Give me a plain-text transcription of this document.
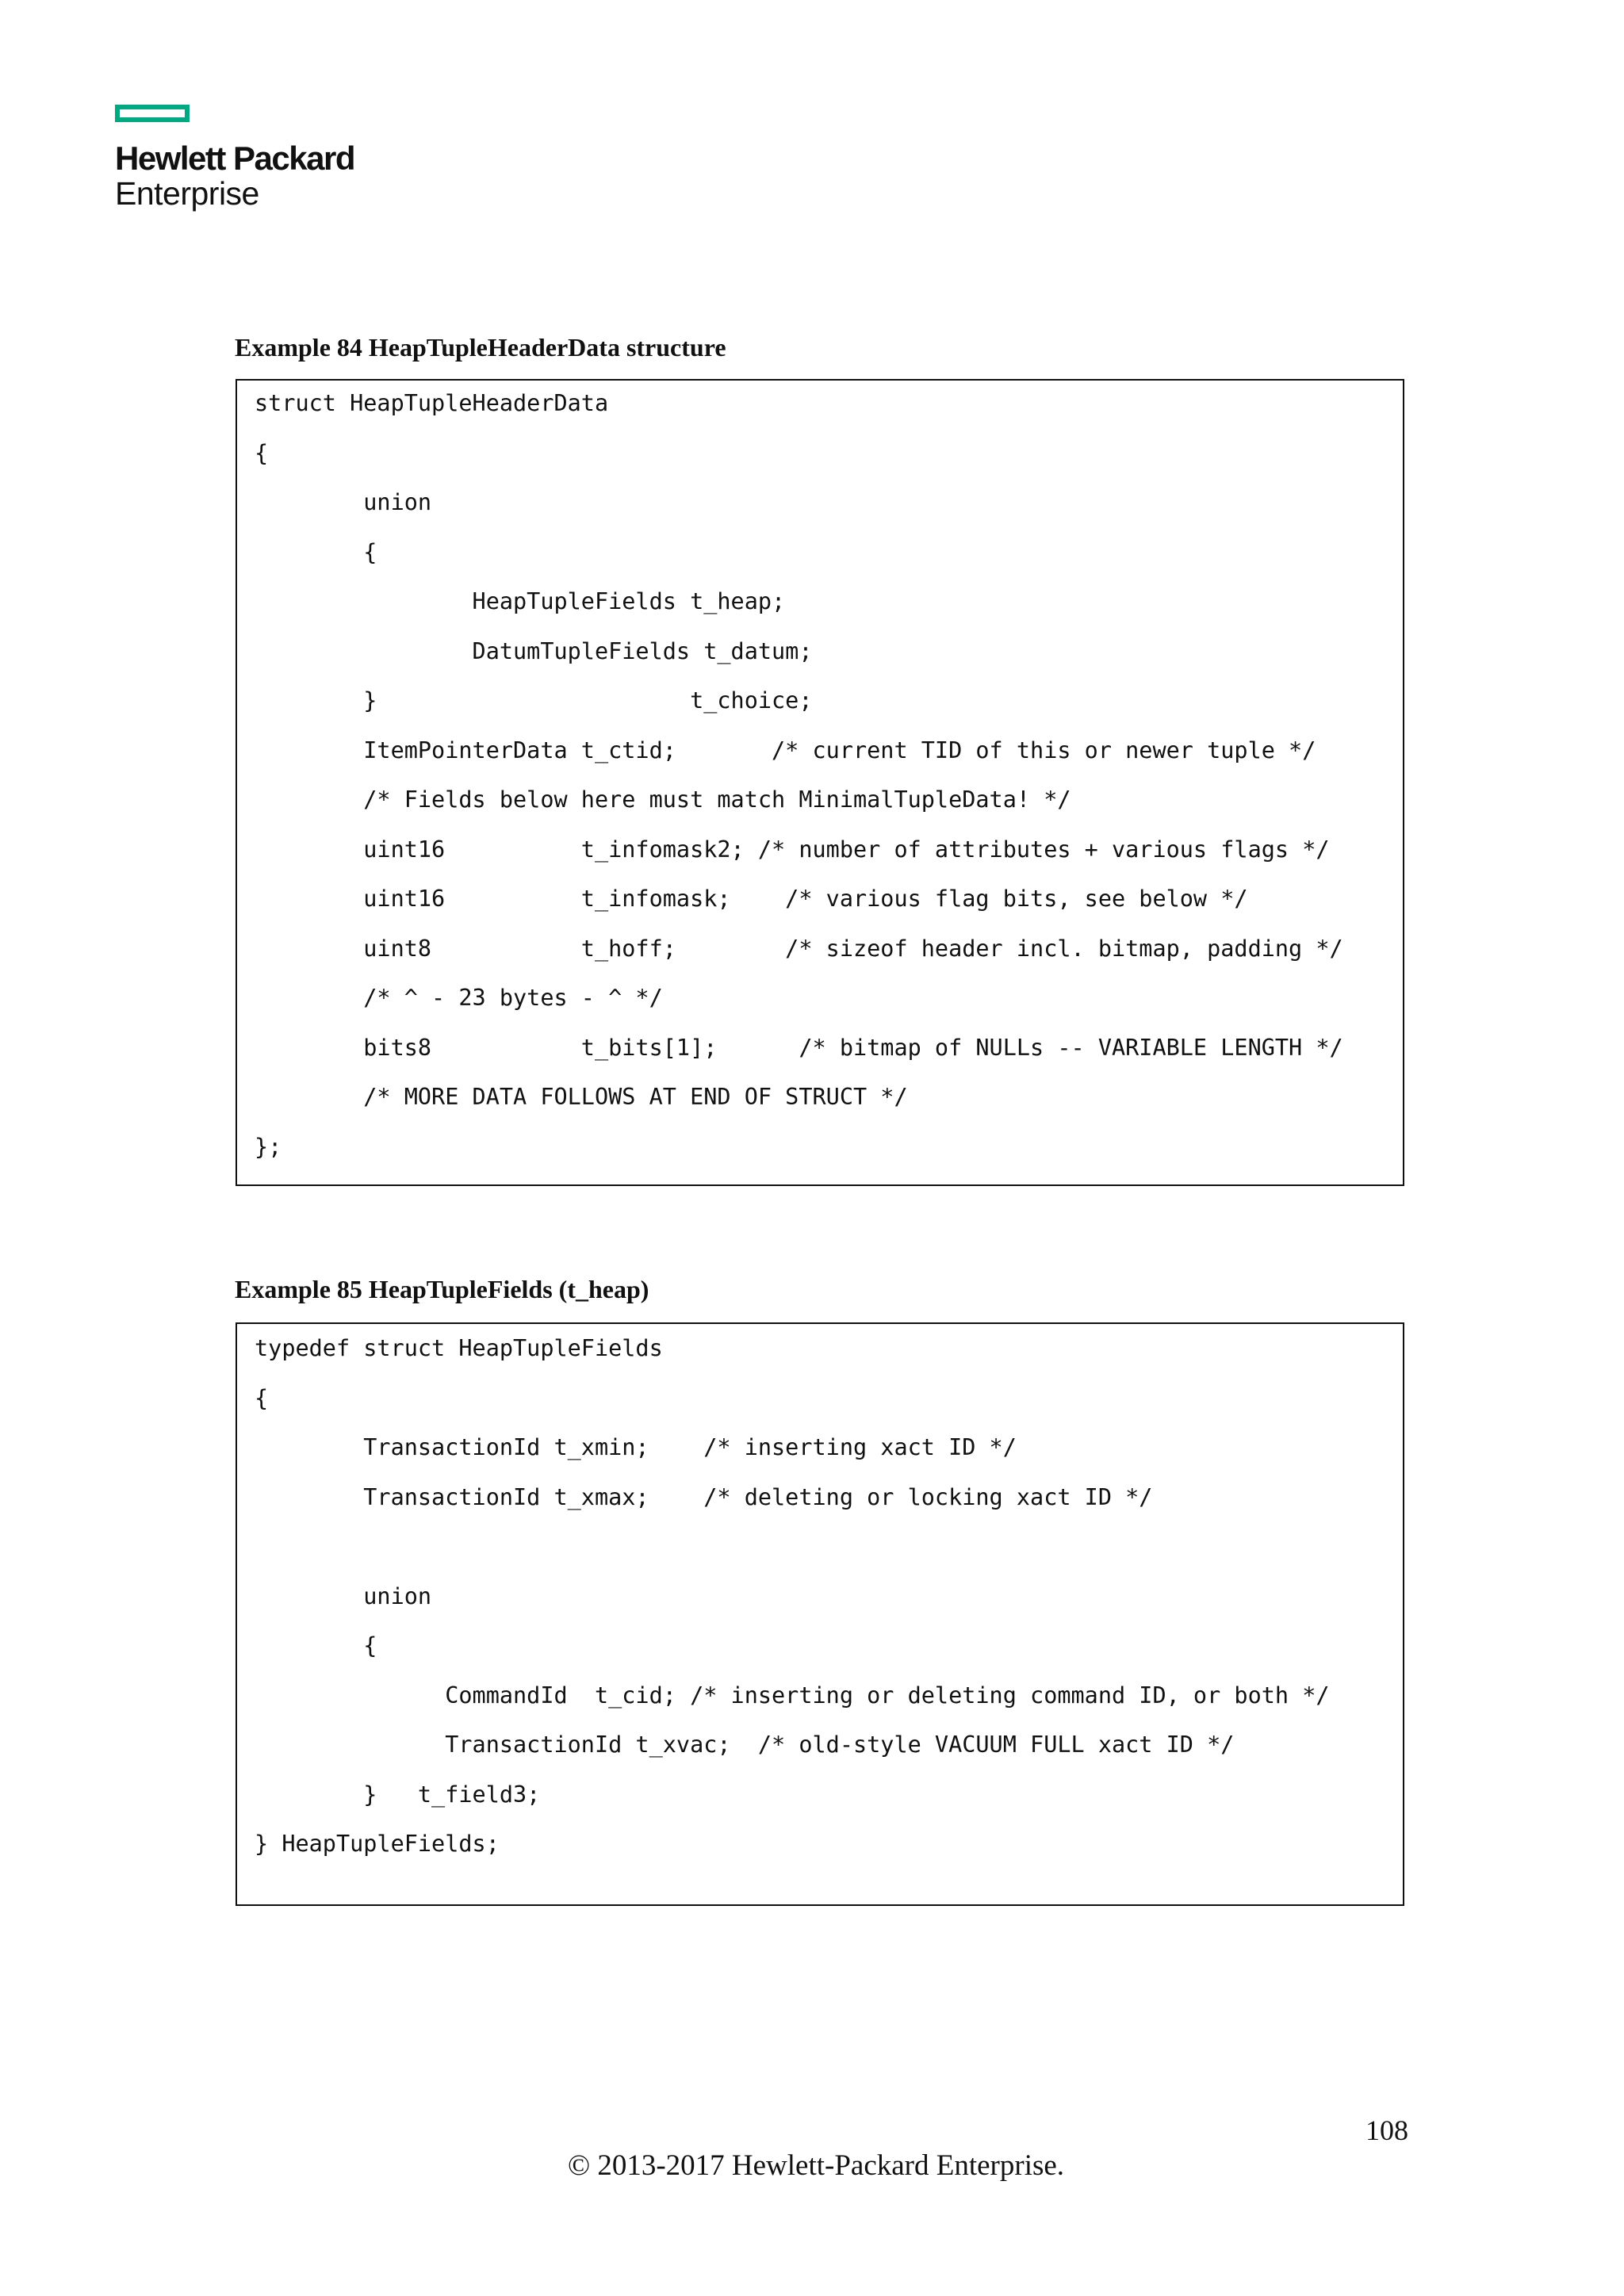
Hewlett Packard
Enterprise
Example 84 HeapTupleHeaderData structure
struct HeapTupleHeaderData
{
union
{
HeapTupleFields t_heap;
DatumTupleFields t_datum;
}                       t_choice;
ItemPointerData t_ctid;       /* current TID of this or newer tuple */
/* Fields below here must match MinimalTupleData! */
uint16          t_infomask2; /* number of attributes + various flags */
uint16          t_infomask;    /* various flag bits, see below */
uint8           t_hoff;        /* sizeof header incl. bitmap, padding */
/* ^ - 23 bytes - ^ */
bits8           t_bits[1];      /* bitmap of NULLs -- VARIABLE LENGTH */
/* MORE DATA FOLLOWS AT END OF STRUCT */
};
Example 85 HeapTupleFields (t_heap)
typedef struct HeapTupleFields
{
TransactionId t_xmin;    /* inserting xact ID */
TransactionId t_xmax;    /* deleting or locking xact ID */
union
{
CommandId  t_cid; /* inserting or deleting command ID, or both */
TransactionId t_xvac;  /* old-style VACUUM FULL xact ID */
}   t_field3;
} HeapTupleFields;
108
© 2013-2017 Hewlett-Packard Enterprise.
